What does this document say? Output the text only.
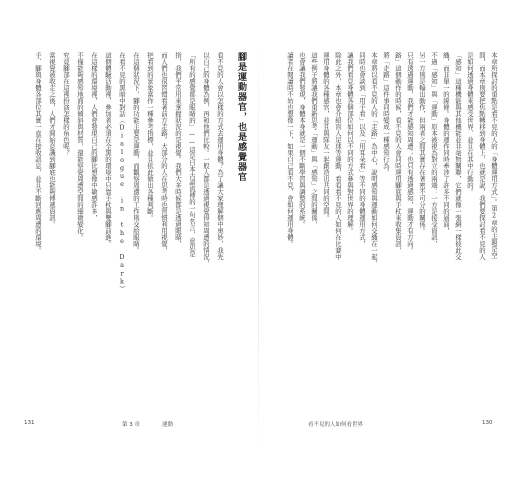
腳是運動器官，也是感覺器官
看不見的人會以怎樣的方式去運用身體？為了讓大家理解個中奧妙，我先
以自己的身體為例，再和他們比較。一般人都是透過視覺得知周遭的情況，
「所有的感覺都是眼睛的」——這是日本古語流傳的一句名言，意思是
指，我們平常用來掌握狀況的是視覺。我們大多時候都是透過眼睛，
而人們也很習慣看著前方走路。大部分的人在思考時也習慣利用視覺，
把看到的景象當作一種參考指標，並且依此做出各種判斷。
在這個狀況下，腳的功能主要是運動，而觀察周遭的工作則交給眼睛。
在看不見的黑暗中對話（Dialogue in the Dark）
這個體驗活動裡，參加者必須在全黑的環境中只靠手杖與雙腳前進。
在這樣的環境裡，人們會發現自己的腳比想像中敏感許多，
不僅能夠感知地面的傾斜與材質，還能察覺周遭空間的細微變化。
究竟腳部在這裡扮演怎樣的角色呢？
當視覺被收走之後，人們才開始意識到腳底也能夠傳遞資訊。
手、腳與身體各部位其實一直在接收訊息，並且不斷回應周遭的環境。
131	第 3 章	運動
本章所探討的重點是看不見的人的「身體運用方式」。第2章的主題是空
間，而本章則要把焦點轉移到身體上，也就是說，我們要探討看不見的人
是如何透過身體來感受世界、並且在其中行動的。
「感知」這種機能與其他機能並非毫無關聯，它們就像一張網一樣彼此交
織，而非單一的線條。身體的運作同時牽涉了許多不同的層面，
不過「感知」與「運動」原本被視為對立的兩端：一方是接受資訊，
另一方則是輸出動作，但兩者之間其實存在著密不可分的關係。
只有透過運動，我們才能感知周遭；也只有透過感知，運動才有方向。
路」這個動作的時候，看不見的人會同時運用腳底與手杖來收集資訊，
將「走路」這件事同時變成一種感知行為。
本章將以看不見的人的「走路」為中心，說明感知與運動如何交織在一起，
同時也會談到「用手看」以及「用耳朵看」等不同的身體運用方式，
讓我們看見身體各個部位如何以不同的方式參與對世界的理解。
除此之外，本章也會介紹盲人足球等運動，看看看不見的人如何在比賽中
運用身體的各種感官，並且與隊友一起創造出共同的空間。
這些例子將讓我們重新思考「運動」與「感知」之間的關係，
也會讓我們發現，身體本身就是一個不斷學習與調整的系統。
讀者在閱讀時不妨也想像一下，如果自己看不見，會如何運用身體。
看不見的人如何看世界	130
